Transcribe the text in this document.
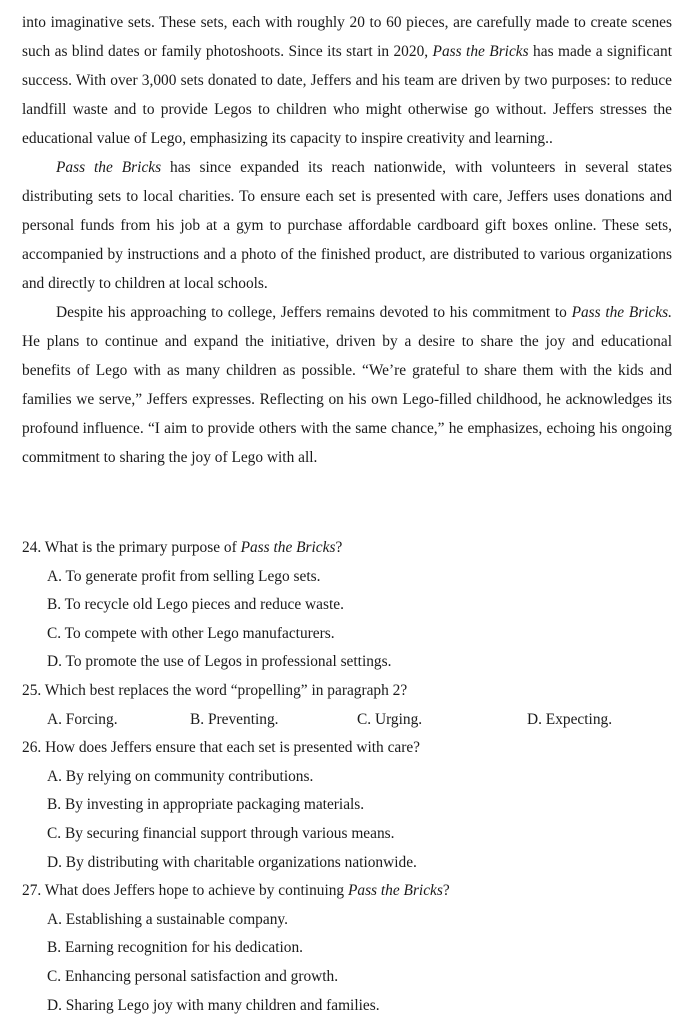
into imaginative sets. These sets, each with roughly 20 to 60 pieces, are carefully made to create scenes such as blind dates or family photoshoots. Since its start in 2020, Pass the Bricks has made a significant success. With over 3,000 sets donated to date, Jeffers and his team are driven by two purposes: to reduce landfill waste and to provide Legos to children who might otherwise go without. Jeffers stresses the educational value of Lego, emphasizing its capacity to inspire creativity and learning..

Pass the Bricks has since expanded its reach nationwide, with volunteers in several states distributing sets to local charities. To ensure each set is presented with care, Jeffers uses donations and personal funds from his job at a gym to purchase affordable cardboard gift boxes online. These sets, accompanied by instructions and a photo of the finished product, are distributed to various organizations and directly to children at local schools.

Despite his approaching to college, Jeffers remains devoted to his commitment to Pass the Bricks. He plans to continue and expand the initiative, driven by a desire to share the joy and educational benefits of Lego with as many children as possible. “We’re grateful to share them with the kids and families we serve,” Jeffers expresses. Reflecting on his own Lego-filled childhood, he acknowledges its profound influence. “I aim to provide others with the same chance,” he emphasizes, echoing his ongoing commitment to sharing the joy of Lego with all.

24. What is the primary purpose of Pass the Bricks?
A. To generate profit from selling Lego sets.
B. To recycle old Lego pieces and reduce waste.
C. To compete with other Lego manufacturers.
D. To promote the use of Legos in professional settings.
25. Which best replaces the word “propelling” in paragraph 2?
A. Forcing.	B. Preventing.	C. Urging.	D. Expecting.
26. How does Jeffers ensure that each set is presented with care?
A. By relying on community contributions.
B. By investing in appropriate packaging materials.
C. By securing financial support through various means.
D. By distributing with charitable organizations nationwide.
27. What does Jeffers hope to achieve by continuing Pass the Bricks?
A. Establishing a sustainable company.
B. Earning recognition for his dedication.
C. Enhancing personal satisfaction and growth.
D. Sharing Lego joy with many children and families.
